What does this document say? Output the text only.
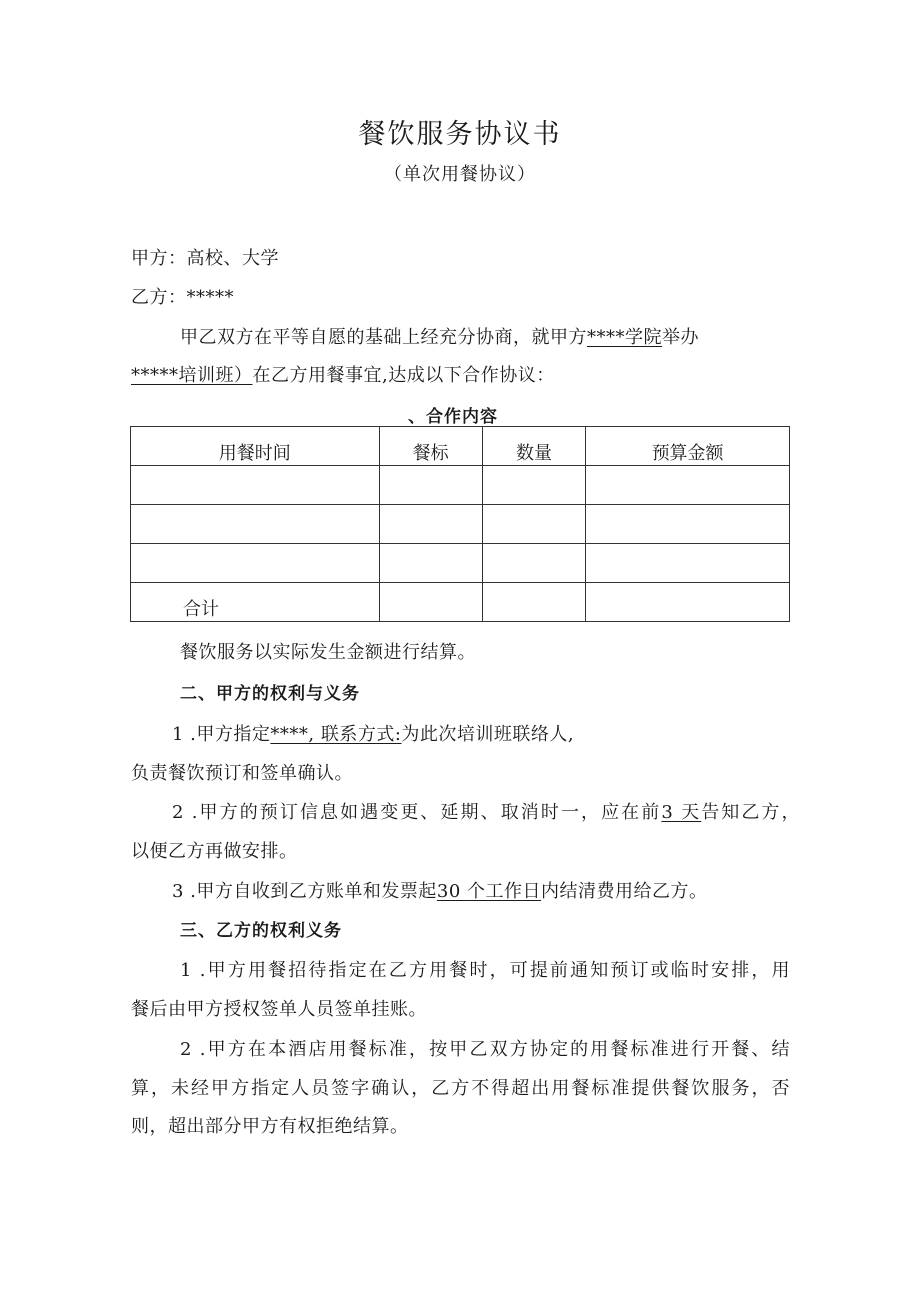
餐饮服务协议书
（单次用餐协议）
甲方：高校、大学
乙方：*****
甲乙双方在平等自愿的基础上经充分协商，就甲方****学院举办
*****培训班）在乙方用餐事宜,达成以下合作协议：
、合作内容
用餐时间	餐标	数量	预算金额

合计			
餐饮服务以实际发生金额进行结算。
二、甲方的权利与义务
1 .甲方指定****, 联系方式:为此次培训班联络人,
负责餐饮预订和签单确认。
2 .甲方的预订信息如遇变更、延期、取消时一，应在前3 天告知乙方，
以便乙方再做安排。
3 .甲方自收到乙方账单和发票起30 个工作日内结清费用给乙方。
三、乙方的权利义务
1 .甲方用餐招待指定在乙方用餐时，可提前通知预订或临时安排，用
餐后由甲方授权签单人员签单挂账。
2 .甲方在本酒店用餐标准，按甲乙双方协定的用餐标准进行开餐、结
算，未经甲方指定人员签字确认，乙方不得超出用餐标准提供餐饮服务，否
则，超出部分甲方有权拒绝结算。
